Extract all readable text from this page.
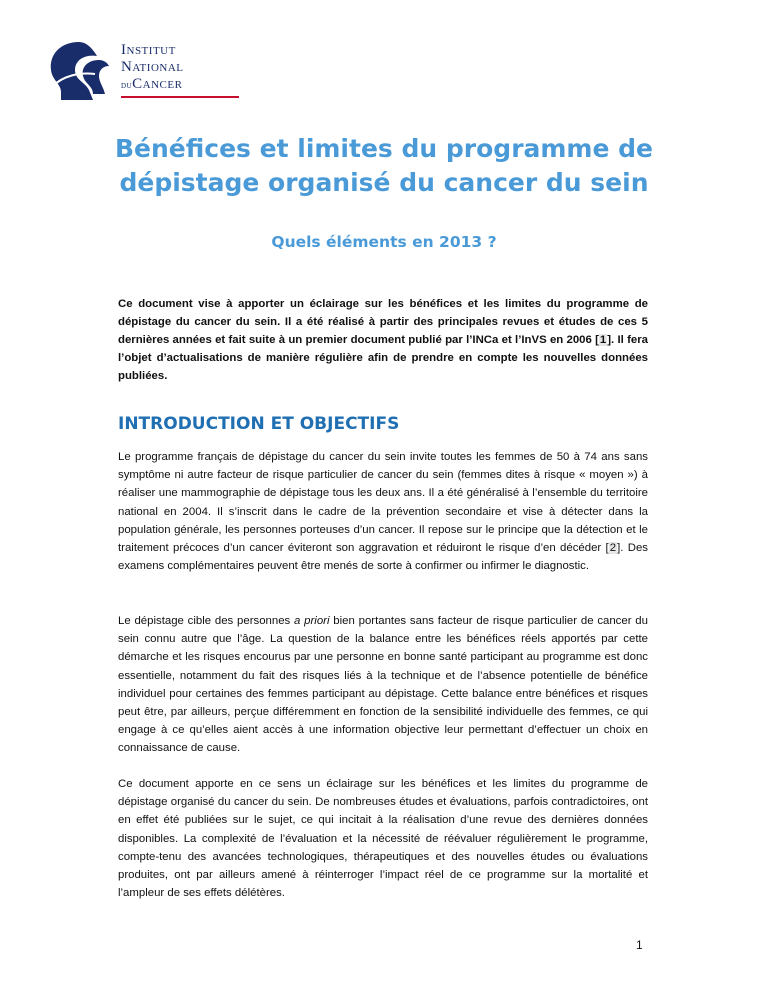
Institut
National
duCancer
Bénéfices et limites du programme de
dépistage organisé du cancer du sein
Quels éléments en 2013 ?
Ce document vise à apporter un éclairage sur les bénéfices et les limites du programme de dépistage du cancer du sein. Il a été réalisé à partir des principales revues et études de ces 5 dernières années et fait suite à un premier document publié par l’INCa et l’InVS en 2006 [1]. Il fera l’objet d’actualisations de manière régulière afin de prendre en compte les nouvelles données publiées.
INTRODUCTION ET OBJECTIFS
Le programme français de dépistage du cancer du sein invite toutes les femmes de 50 à 74 ans sans symptôme ni autre facteur de risque particulier de cancer du sein (femmes dites à risque « moyen ») à réaliser une mammographie de dépistage tous les deux ans. Il a été généralisé à l’ensemble du territoire national en 2004. Il s’inscrit dans le cadre de la prévention secondaire et vise à détecter dans la population générale, les personnes porteuses d’un cancer. Il repose sur le principe que la détection et le traitement précoces d’un cancer éviteront son aggravation et réduiront le risque d’en décéder [2]. Des examens complémentaires peuvent être menés de sorte à confirmer ou infirmer le diagnostic.
Le dépistage cible des personnes a priori bien portantes sans facteur de risque particulier de cancer du sein connu autre que l’âge. La question de la balance entre les bénéfices réels apportés par cette démarche et les risques encourus par une personne en bonne santé participant au programme est donc essentielle, notamment du fait des risques liés à la technique et de l’absence potentielle de bénéfice individuel pour certaines des femmes participant au dépistage. Cette balance entre bénéfices et risques peut être, par ailleurs, perçue différemment en fonction de la sensibilité individuelle des femmes, ce qui engage à ce qu’elles aient accès à une information objective leur permettant d’effectuer un choix en connaissance de cause.
Ce document apporte en ce sens un éclairage sur les bénéfices et les limites du programme de dépistage organisé du cancer du sein. De nombreuses études et évaluations, parfois contradictoires, ont en effet été publiées sur le sujet, ce qui incitait à la réalisation d’une revue des dernières données disponibles. La complexité de l’évaluation et la nécessité de réévaluer régulièrement le programme, compte-tenu des avancées technologiques, thérapeutiques et des nouvelles études ou évaluations produites, ont par ailleurs amené à réinterroger l’impact réel de ce programme sur la mortalité et l’ampleur de ses effets délétères.
1
